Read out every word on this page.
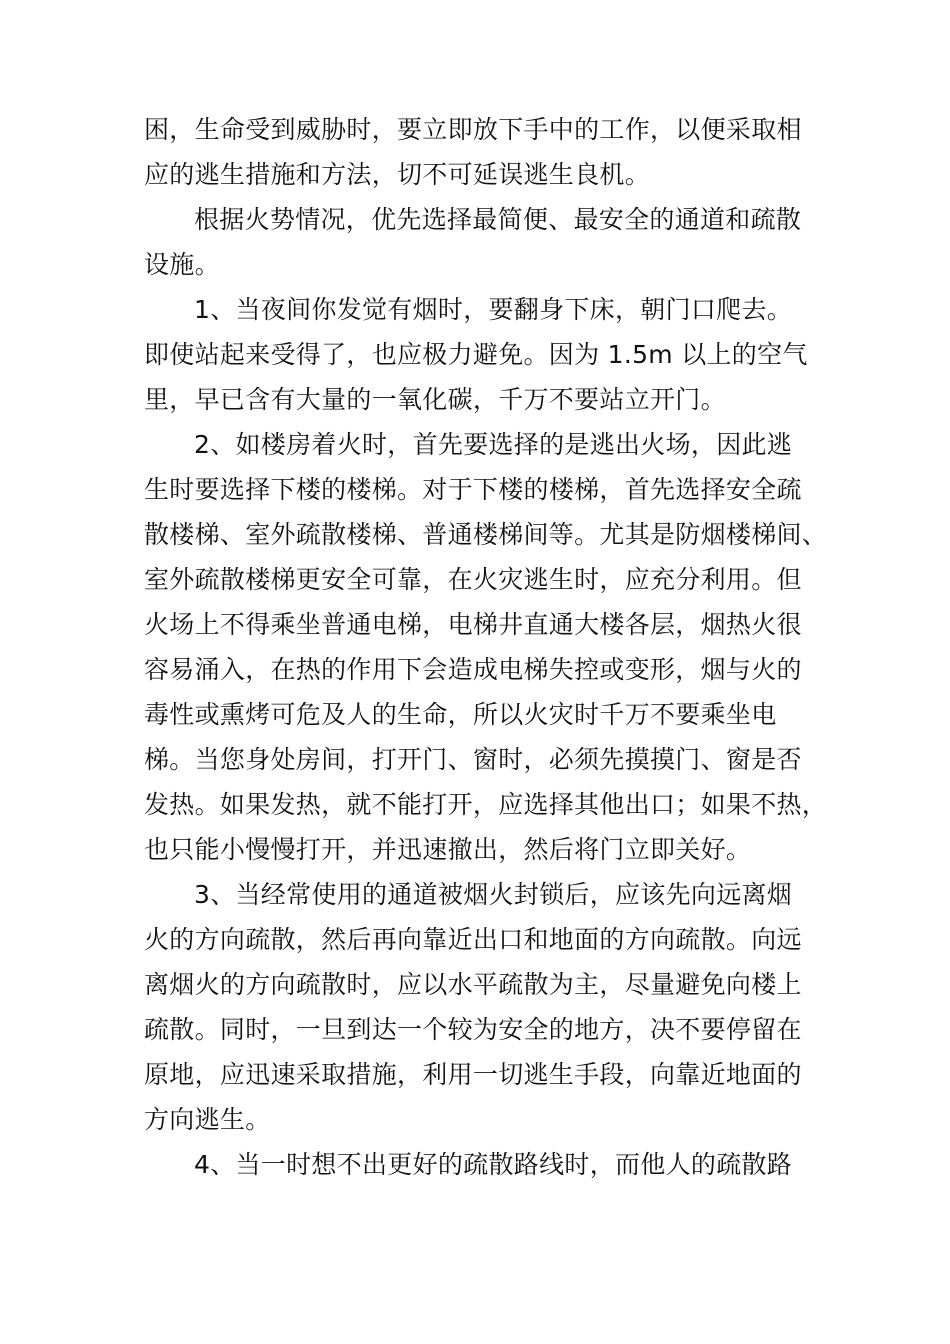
困，生命受到威胁时，要立即放下手中的工作，以便采取相
应的逃生措施和方法，切不可延误逃生良机。

根据火势情况，优先选择最简便、最安全的通道和疏散
设施。

1、当夜间你发觉有烟时，要翻身下床，朝门口爬去。
即使站起来受得了，也应极力避免。因为 1.5m 以上的空气
里，早已含有大量的一氧化碳，千万不要站立开门。

2、如楼房着火时，首先要选择的是逃出火场，因此逃
生时要选择下楼的楼梯。对于下楼的楼梯，首先选择安全疏
散楼梯、室外疏散楼梯、普通楼梯间等。尤其是防烟楼梯间、
室外疏散楼梯更安全可靠，在火灾逃生时，应充分利用。但
火场上不得乘坐普通电梯，电梯井直通大楼各层，烟热火很
容易涌入，在热的作用下会造成电梯失控或变形，烟与火的
毒性或熏烤可危及人的生命，所以火灾时千万不要乘坐电
梯。当您身处房间，打开门、窗时，必须先摸摸门、窗是否
发热。如果发热，就不能打开，应选择其他出口；如果不热，
也只能小慢慢打开，并迅速撤出，然后将门立即关好。

3、当经常使用的通道被烟火封锁后，应该先向远离烟
火的方向疏散，然后再向靠近出口和地面的方向疏散。向远
离烟火的方向疏散时，应以水平疏散为主，尽量避免向楼上
疏散。同时，一旦到达一个较为安全的地方，决不要停留在
原地，应迅速采取措施，利用一切逃生手段，向靠近地面的
方向逃生。

4、当一时想不出更好的疏散路线时，而他人的疏散路
